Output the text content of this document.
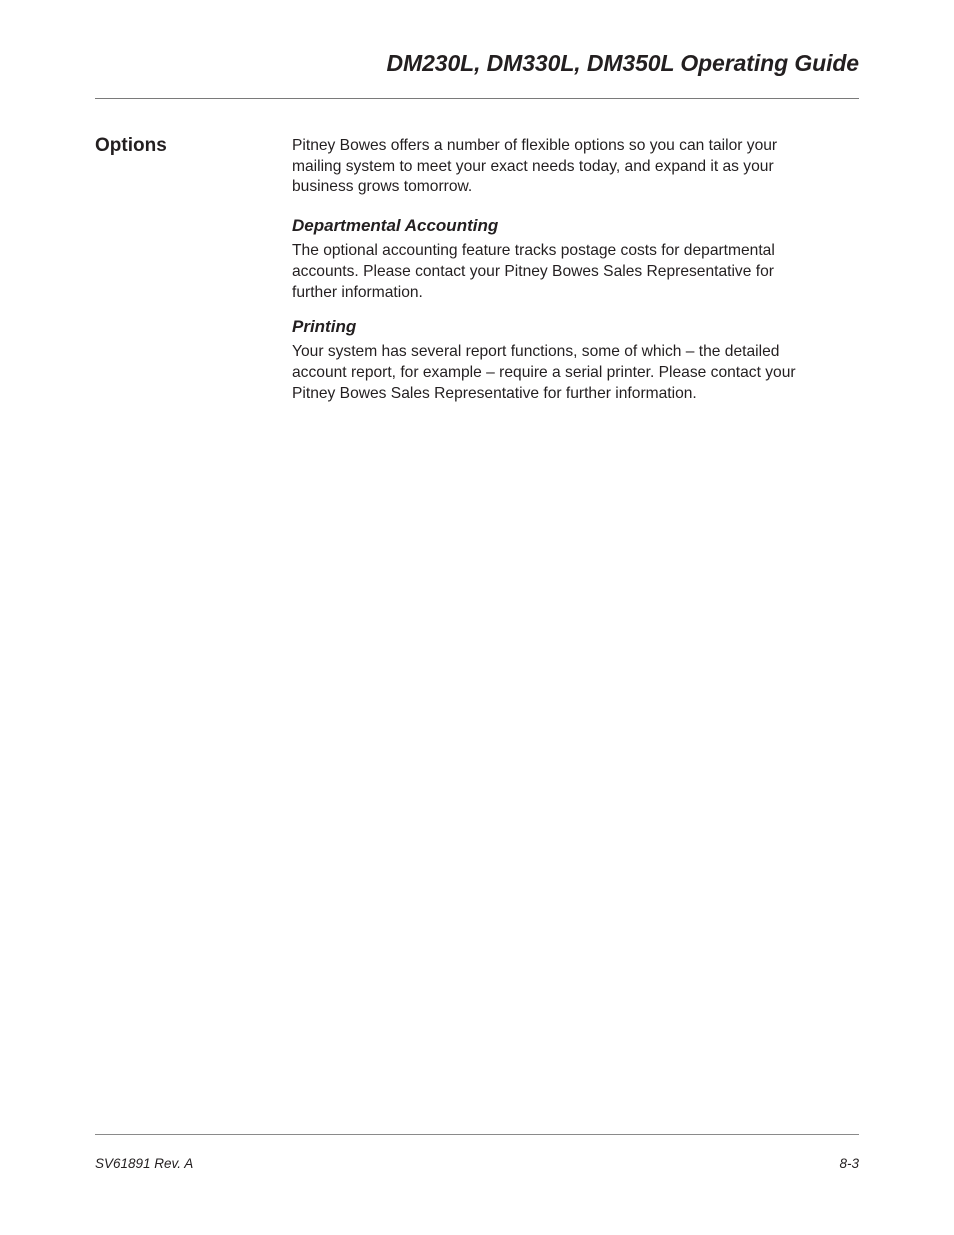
DM230L, DM330L, DM350L Operating Guide
Options	Pitney Bowes offers a number of flexible options so you can tailor your
mailing system to meet your exact needs today, and expand it as your
business grows tomorrow.

Departmental Accounting

The optional accounting feature tracks postage costs for departmental
accounts. Please contact your Pitney Bowes Sales Representative for
further information.

Printing

Your system has several report functions, some of which – the detailed
account report, for example – require a serial printer. Please contact your
Pitney Bowes Sales Representative for further information.

SV61891 Rev. A	8-3
